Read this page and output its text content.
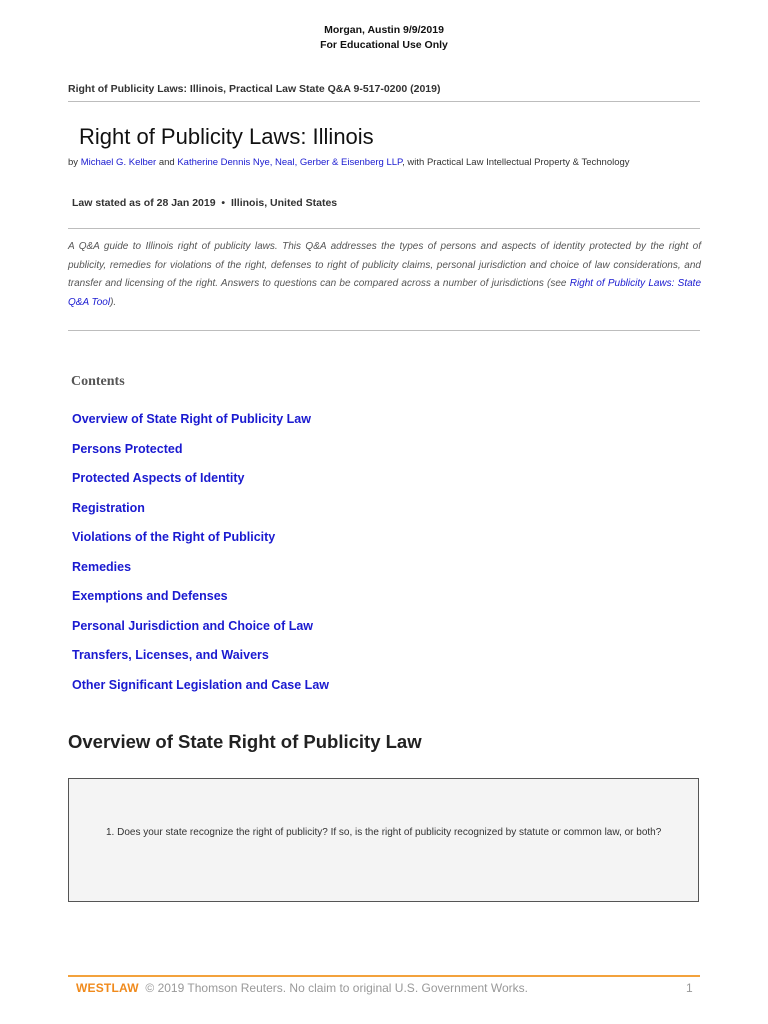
Morgan, Austin 9/9/2019
For Educational Use Only
Right of Publicity Laws: Illinois, Practical Law State Q&A 9-517-0200 (2019)
Right of Publicity Laws: Illinois
by Michael G. Kelber and Katherine Dennis Nye, Neal, Gerber & Eisenberg LLP, with Practical Law Intellectual Property & Technology
Law stated as of 28 Jan 2019 • Illinois, United States
A Q&A guide to Illinois right of publicity laws. This Q&A addresses the types of persons and aspects of identity protected by the right of publicity, remedies for violations of the right, defenses to right of publicity claims, personal jurisdiction and choice of law considerations, and transfer and licensing of the right. Answers to questions can be compared across a number of jurisdictions (see Right of Publicity Laws: State Q&A Tool).
Contents
Overview of State Right of Publicity Law
Persons Protected
Protected Aspects of Identity
Registration
Violations of the Right of Publicity
Remedies
Exemptions and Defenses
Personal Jurisdiction and Choice of Law
Transfers, Licenses, and Waivers
Other Significant Legislation and Case Law
Overview of State Right of Publicity Law
1. Does your state recognize the right of publicity? If so, is the right of publicity recognized by statute or common law, or both?
WESTLAW © 2019 Thomson Reuters. No claim to original U.S. Government Works.	1
